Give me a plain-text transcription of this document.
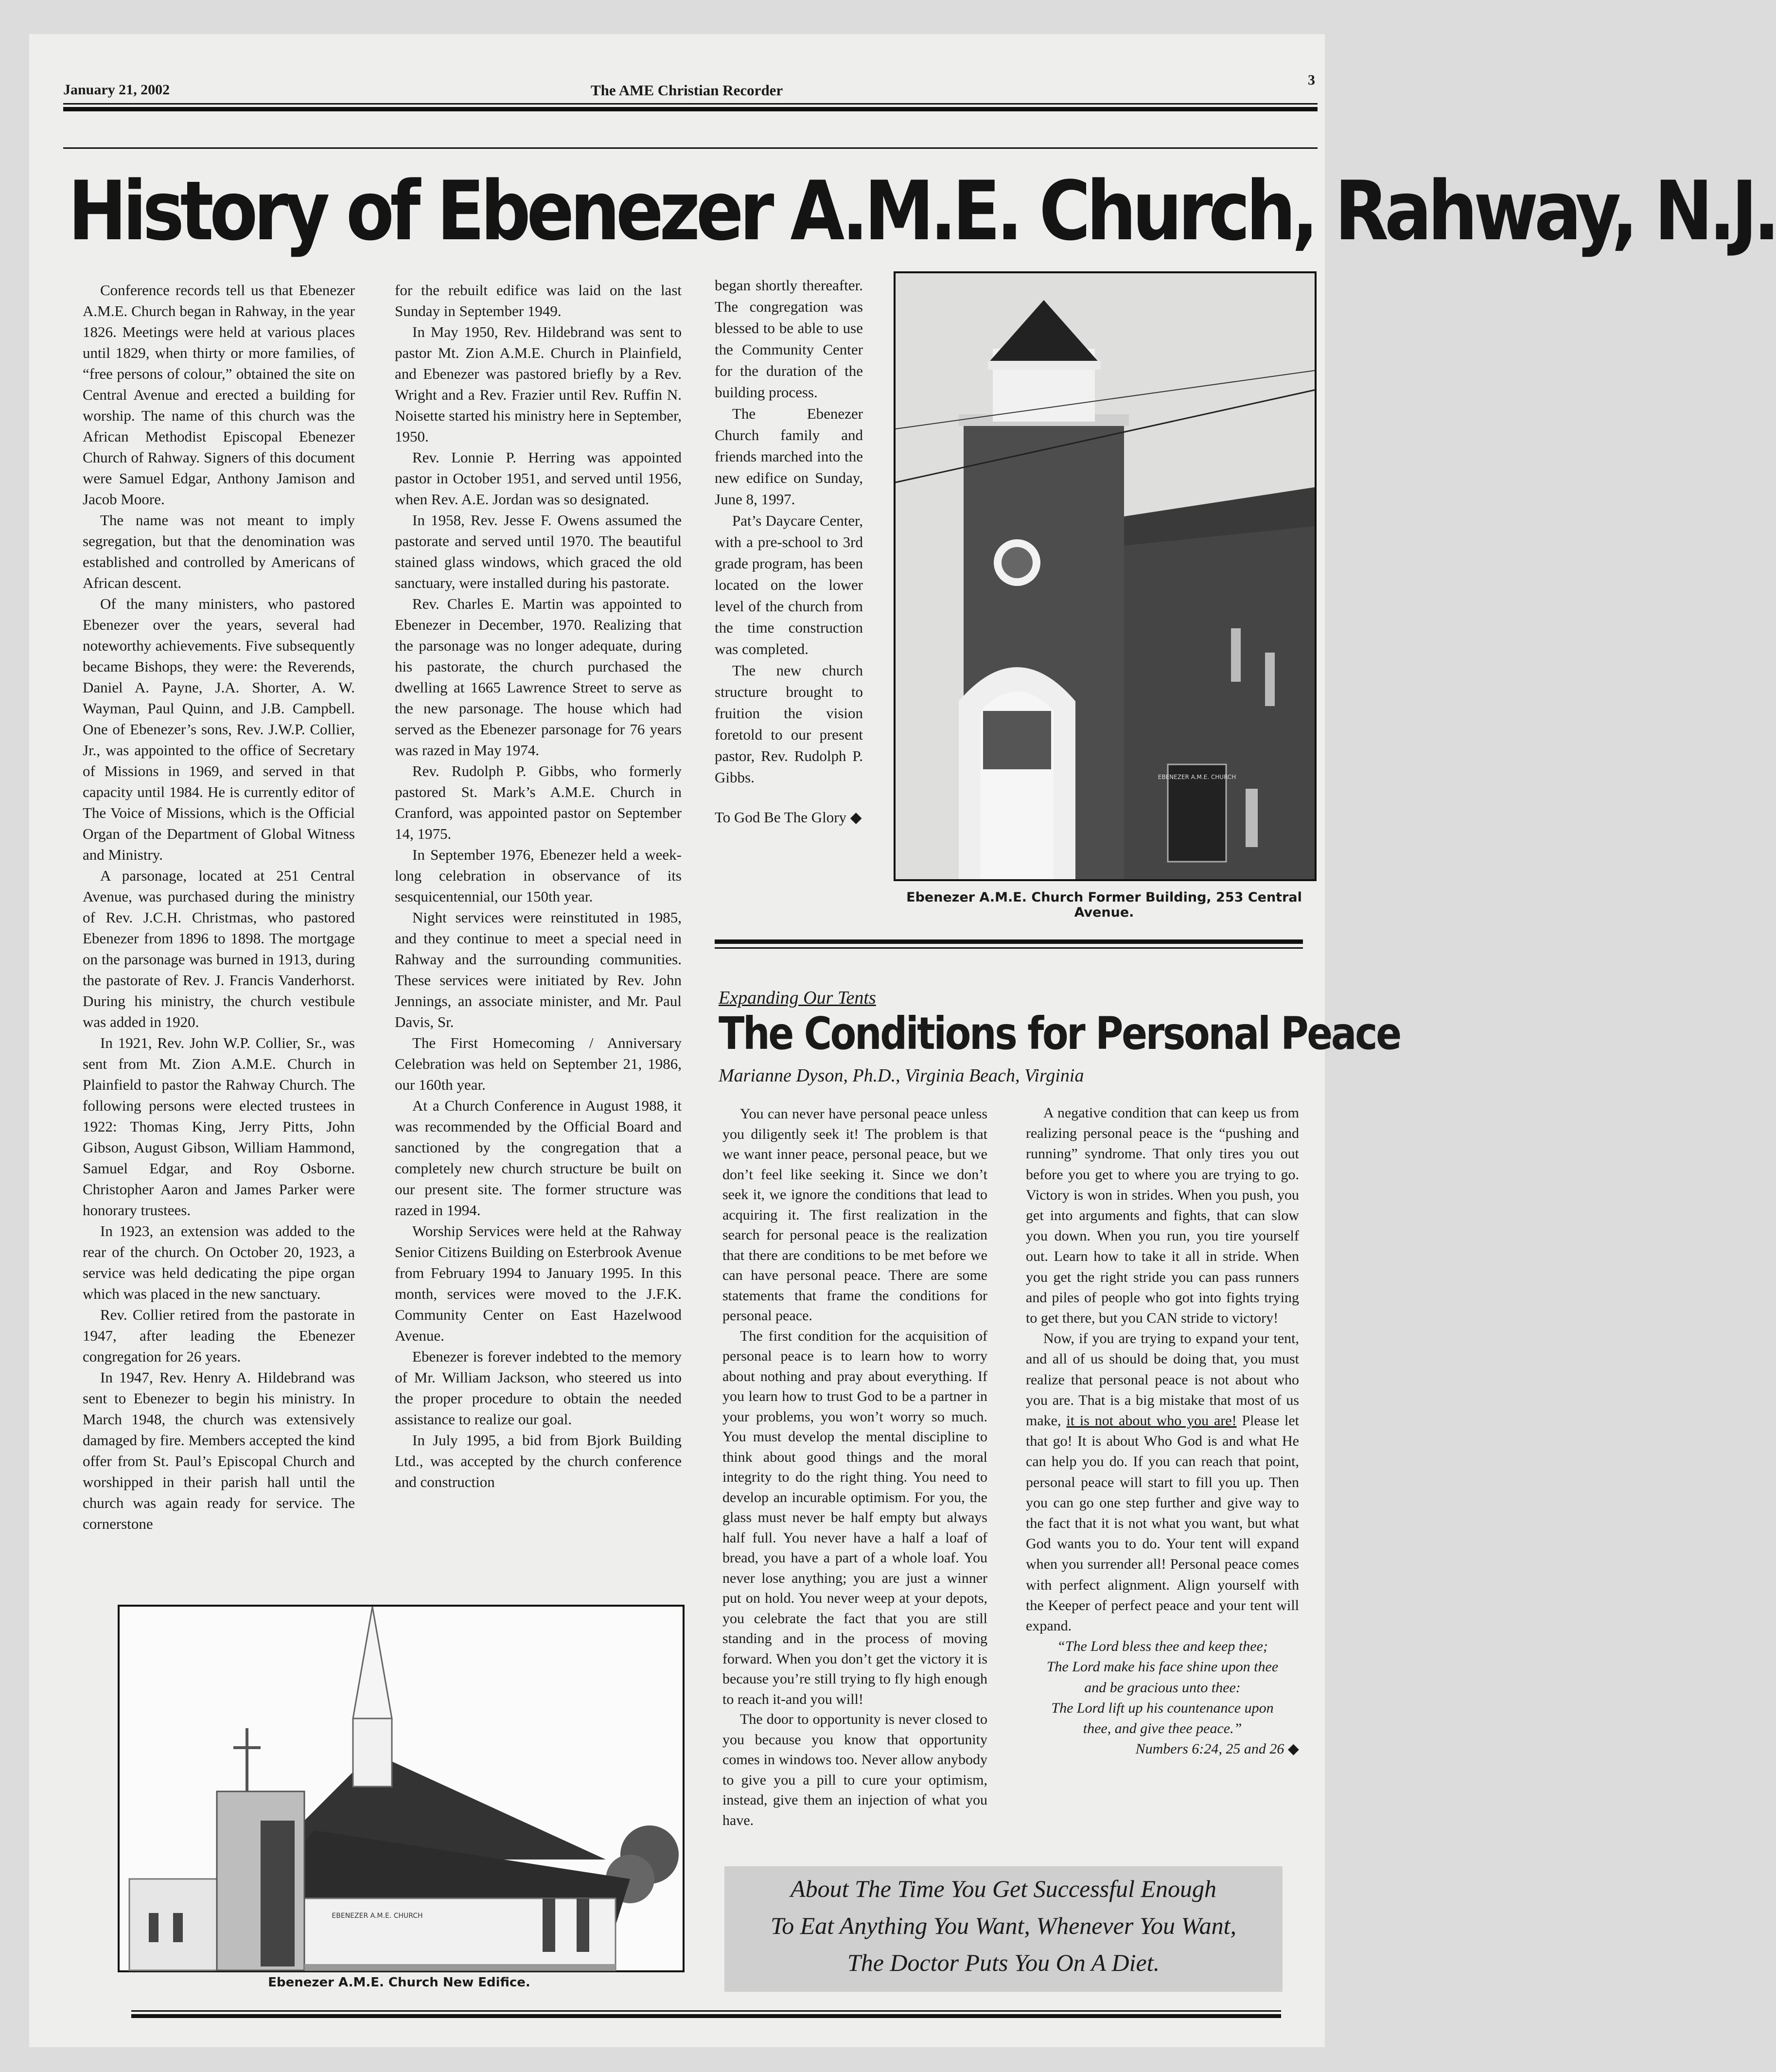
January 21, 2002	The AME Christian Recorder
3
History of Ebenezer A.M.E. Church, Rahway, N.J.

Conference records tell us that Ebenezer A.M.E. Church began in Rahway, in the year 1826. Meetings were held at various places until 1829, when thirty or more families, of “free persons of colour,” obtained the site on Central Avenue and erected a building for worship. The name of this church was the African Methodist Episcopal Ebenezer Church of Rahway. Signers of this document were Samuel Edgar, Anthony Jamison and Jacob Moore.

The name was not meant to imply segregation, but that the denomination was established and controlled by Americans of African descent.

Of the many ministers, who pastored Ebenezer over the years, several had noteworthy achievements. Five subsequently became Bishops, they were: the Reverends, Daniel A. Payne, J.A. Shorter, A. W. Wayman, Paul Quinn, and J.B. Campbell. One of Ebenezer’s sons, Rev. J.W.P. Collier, Jr., was appointed to the office of Secretary of Missions in 1969, and served in that capacity until 1984. He is currently editor of The Voice of Missions, which is the Official Organ of the Department of Global Witness and Ministry.

A parsonage, located at 251 Central Avenue, was purchased during the ministry of Rev. J.C.H. Christmas, who pastored Ebenezer from 1896 to 1898. The mortgage on the parsonage was burned in 1913, during the pastorate of Rev. J. Francis Vanderhorst. During his ministry, the church vestibule was added in 1920.

In 1921, Rev. John W.P. Collier, Sr., was sent from Mt. Zion A.M.E. Church in Plainfield to pastor the Rahway Church. The following persons were elected trustees in 1922: Thomas King, Jerry Pitts, John Gibson, August Gibson, William Hammond, Samuel Edgar, and Roy Osborne. Christopher Aaron and James Parker were honorary trustees.

In 1923, an extension was added to the rear of the church. On October 20, 1923, a service was held dedicating the pipe organ which was placed in the new sanctuary.

Rev. Collier retired from the pastorate in 1947, after leading the Ebenezer congregation for 26 years.

In 1947, Rev. Henry A. Hildebrand was sent to Ebenezer to begin his ministry. In March 1948, the church was extensively damaged by fire. Members accepted the kind offer from St. Paul’s Episcopal Church and worshipped in their parish hall until the church was again ready for service. The cornerstone

for the rebuilt edifice was laid on the last Sunday in September 1949.

In May 1950, Rev. Hildebrand was sent to pastor Mt. Zion A.M.E. Church in Plainfield, and Ebenezer was pastored briefly by a Rev. Wright and a Rev. Frazier until Rev. Ruffin N. Noisette started his ministry here in September, 1950.

Rev. Lonnie P. Herring was appointed pastor in October 1951, and served until 1956, when Rev. A.E. Jordan was so designated.

In 1958, Rev. Jesse F. Owens assumed the pastorate and served until 1970. The beautiful stained glass windows, which graced the old sanctuary, were installed during his pastorate.

Rev. Charles E. Martin was appointed to Ebenezer in December, 1970. Realizing that the parsonage was no longer adequate, during his pastorate, the church purchased the dwelling at 1665 Lawrence Street to serve as the new parsonage. The house which had served as the Ebenezer parsonage for 76 years was razed in May 1974.

Rev. Rudolph P. Gibbs, who formerly pastored St. Mark’s A.M.E. Church in Cranford, was appointed pastor on September 14, 1975.

In September 1976, Ebenezer held a week-long celebration in observance of its sesquicentennial, our 150th year.

Night services were reinstituted in 1985, and they continue to meet a special need in Rahway and the surrounding communities. These services were initiated by Rev. John Jennings, an associate minister, and Mr. Paul Davis, Sr.

The First Homecoming / Anniversary Celebration was held on September 21, 1986, our 160th year.

At a Church Conference in August 1988, it was recommended by the Official Board and sanctioned by the congregation that a completely new church structure be built on our present site. The former structure was razed in 1994.

Worship Services were held at the Rahway Senior Citizens Building on Esterbrook Avenue from February 1994 to January 1995. In this month, services were moved to the J.F.K. Community Center on East Hazelwood Avenue.

Ebenezer is forever indebted to the memory of Mr. William Jackson, who steered us into the proper procedure to obtain the needed assistance to realize our goal.

In July 1995, a bid from Bjork Building Ltd., was accepted by the church conference and construction

began shortly thereafter. The congregation was blessed to be able to use the Community Center for the duration of the building process.

The Ebenezer Church family and friends marched into the new edifice on Sunday, June 8, 1997.

Pat’s Daycare Center, with a pre-school to 3rd grade program, has been located on the lower level of the church from the time construction was completed.

The new church structure brought to fruition the vision foretold to our present pastor, Rev. Rudolph P. Gibbs.

To God Be The Glory ◆

EBENEZER A.M.E. CHURCH
Ebenezer A.M.E. Church Former Building, 253 Central Avenue.
EBENEZER A.M.E. CHURCH
Ebenezer A.M.E. Church New Edifice.
Expanding Our Tents
The Conditions for Personal Peace
Marianne Dyson, Ph.D., Virginia Beach, Virginia

You can never have personal peace unless you diligently seek it! The problem is that we want inner peace, personal peace, but we don’t feel like seeking it. Since we don’t seek it, we ignore the conditions that lead to acquiring it. The first realization in the search for personal peace is the realization that there are conditions to be met before we can have personal peace. There are some statements that frame the conditions for personal peace.

The first condition for the acquisition of personal peace is to learn how to worry about nothing and pray about everything. If you learn how to trust God to be a partner in your problems, you won’t worry so much. You must develop the mental discipline to think about good things and the moral integrity to do the right thing. You need to develop an incurable optimism. For you, the glass must never be half empty but always half full. You never have a half a loaf of bread, you have a part of a whole loaf. You never lose anything; you are just a winner put on hold. You never weep at your depots, you celebrate the fact that you are still standing and in the process of moving forward. When you don’t get the victory it is because you’re still trying to fly high enough to reach it-and you will!

The door to opportunity is never closed to you because you know that opportunity comes in windows too. Never allow anybody to give you a pill to cure your optimism, instead, give them an injection of what you have.

A negative condition that can keep us from realizing personal peace is the “pushing and running” syndrome. That only tires you out before you get to where you are trying to go. Victory is won in strides. When you push, you get into arguments and fights, that can slow you down. When you run, you tire yourself out. Learn how to take it all in stride. When you get the right stride you can pass runners and piles of people who got into fights trying to get there, but you CAN stride to victory!

Now, if you are trying to expand your tent, and all of us should be doing that, you must realize that personal peace is not about who you are. That is a big mistake that most of us make, it is not about who you are! Please let that go! It is about Who God is and what He can help you do. If you can reach that point, personal peace will start to fill you up. Then you can go one step further and give way to the fact that it is not what you want, but what God wants you to do. Your tent will expand when you surrender all! Personal peace comes with perfect alignment. Align yourself with the Keeper of perfect peace and your tent will expand.

“The Lord bless thee and keep thee;

The Lord make his face shine upon thee

and be gracious unto thee:

The Lord lift up his countenance upon

thee, and give thee peace.”

Numbers 6:24, 25 and 26 ◆

About The Time You Get Successful Enough
To Eat Anything You Want, Whenever You Want,
The Doctor Puts You On A Diet.
